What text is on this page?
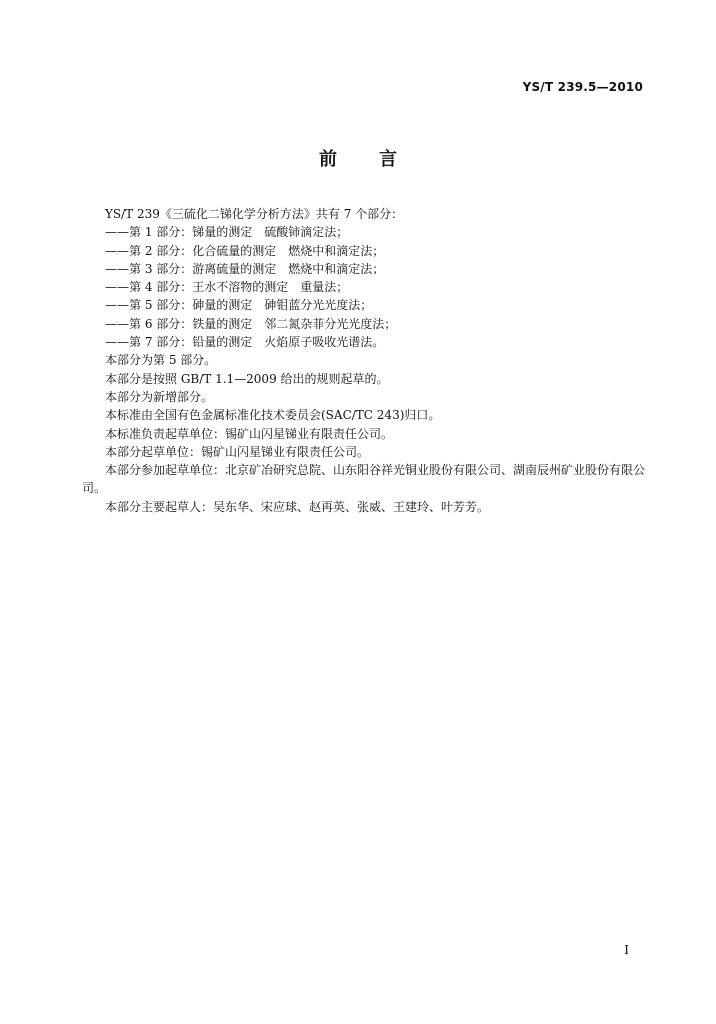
YS/T 239.5—2010
前 言
YS/T 239《三硫化二锑化学分析方法》共有 7 个部分：
——第 1 部分：锑量的测定 硫酸铈滴定法；
——第 2 部分：化合硫量的测定 燃烧中和滴定法；
——第 3 部分：游离硫量的测定 燃烧中和滴定法；
——第 4 部分：王水不溶物的测定 重量法；
——第 5 部分：砷量的测定 砷钼蓝分光光度法；
——第 6 部分：铁量的测定 邻二氮杂菲分光光度法；
——第 7 部分：铅量的测定 火焰原子吸收光谱法。
本部分为第 5 部分。
本部分是按照 GB/T 1.1—2009 给出的规则起草的。
本部分为新增部分。
本标准由全国有色金属标准化技术委员会(SAC/TC 243)归口。
本标准负责起草单位：锡矿山闪星锑业有限责任公司。
本部分起草单位：锡矿山闪星锑业有限责任公司。
本部分参加起草单位：北京矿冶研究总院、山东阳谷祥光铜业股份有限公司、湖南辰州矿业股份有限公司。
本部分主要起草人：吴东华、宋应球、赵再英、张威、王建玲、叶芳芳。
I
